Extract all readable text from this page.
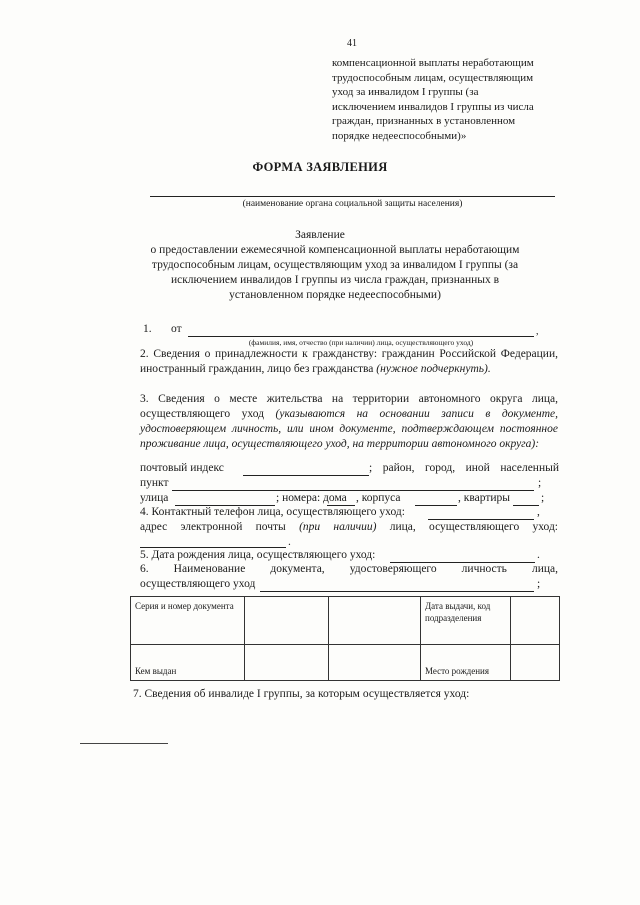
41
компенсационной выплаты неработающим
трудоспособным лицам, осуществляющим
уход за инвалидом I группы (за
исключением инвалидов I группы из числа
граждан, признанных в установленном
порядке недееспособными)»
ФОРМА ЗАЯВЛЕНИЯ
(наименование органа социальной защиты населения)
Заявление
о предоставлении ежемесячной компенсационной выплаты неработающим трудоспособным лицам, осуществляющим уход за инвалидом I группы (за исключением инвалидов I группы из числа граждан, признанных в установленном порядке недееспособными)
1. от	,
(фамилия, имя, отчество (при наличии) лица, осуществляющего уход)
2. Сведения о принадлежности к гражданству: гражданин Российской Федерации, иностранный гражданин, лицо без гражданства (нужное подчеркнуть).
3. Сведения о месте жительства на территории автономного округа лица, осуществляющего уход (указываются на основании записи в документе, удостоверяющем личность, или ином документе, подтверждающем постоянное проживание лица, осуществляющего уход, на территории автономного округа):
почтовый индекс	; район, город, иной населенный
пункт	;
улица	; номера: дома , корпуса	, квартиры	;
4. Контактный телефон лица, осуществляющего уход:	,
адрес электронной почты (при наличии) лица, осуществляющего уход:
.
5. Дата рождения лица, осуществляющего уход:	.
6. Наименование документа, удостоверяющего личность лица,
осуществляющего уход	;
Серия и номер документа			Дата выдачи, код подразделения	
Кем выдан			Место рождения	
7. Сведения об инвалиде I группы, за которым осуществляется уход:
